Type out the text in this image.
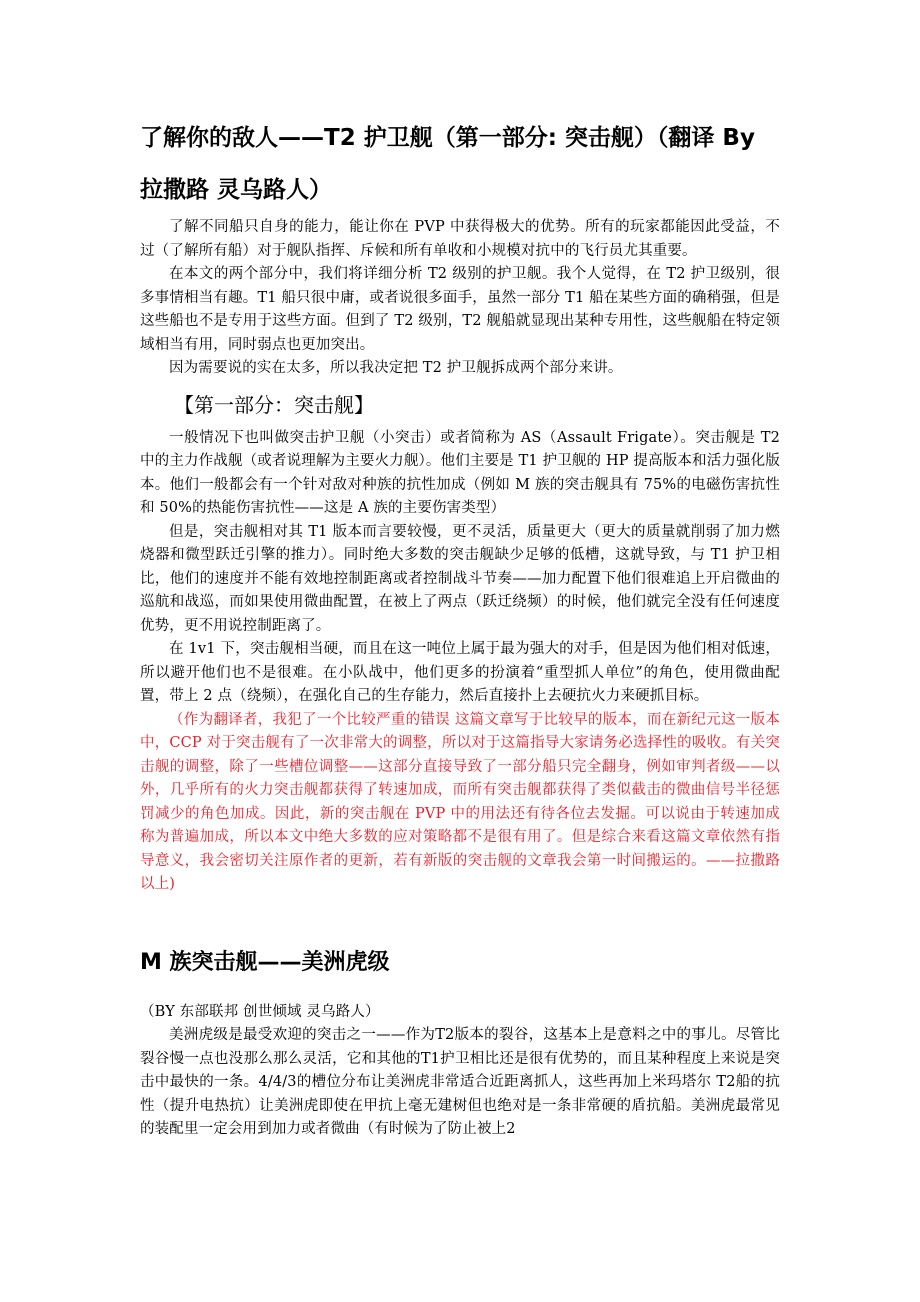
了解你的敌人——T2 护卫舰（第一部分: 突击舰）（翻译 By
拉撒路 灵乌路人）

了解不同船只自身的能力，能让你在 PVP 中获得极大的优势。所有的玩家都能因此受益，不过（了解所有船）对于舰队指挥、斥候和所有单收和小规模对抗中的飞行员尤其重要。

在本文的两个部分中，我们将详细分析 T2 级别的护卫舰。我个人觉得，在 T2 护卫级别，很多事情相当有趣。T1 船只很中庸，或者说很多面手，虽然一部分 T1 船在某些方面的确稍强，但是这些船也不是专用于这些方面。但到了 T2 级别，T2 舰船就显现出某种专用性，这些舰船在特定领域相当有用，同时弱点也更加突出。

因为需要说的实在太多，所以我决定把 T2 护卫舰拆成两个部分来讲。

【第一部分：突击舰】

一般情况下也叫做突击护卫舰（小突击）或者简称为 AS（Assault Frigate）。突击舰是 T2 中的主力作战舰（或者说理解为主要火力舰）。他们主要是 T1 护卫舰的 HP 提高版本和活力强化版本。他们一般都会有一个针对敌对种族的抗性加成（例如 M 族的突击舰具有 75%的电磁伤害抗性和 50%的热能伤害抗性——这是 A 族的主要伤害类型）

但是，突击舰相对其 T1 版本而言要较慢，更不灵活，质量更大（更大的质量就削弱了加力燃烧器和微型跃迁引擎的推力）。同时绝大多数的突击舰缺少足够的低槽，这就导致，与 T1 护卫相比，他们的速度并不能有效地控制距离或者控制战斗节奏——加力配置下他们很难追上开启微曲的巡航和战巡，而如果使用微曲配置，在被上了两点（跃迁绕频）的时候，他们就完全没有任何速度优势，更不用说控制距离了。

在 1v1 下，突击舰相当硬，而且在这一吨位上属于最为强大的对手，但是因为他们相对低速，所以避开他们也不是很难。在小队战中，他们更多的扮演着“重型抓人单位”的角色，使用微曲配置，带上 2 点（绕频），在强化自己的生存能力，然后直接扑上去硬抗火力来硬抓目标。

（作为翻译者，我犯了一个比较严重的错误 这篇文章写于比较早的版本，而在新纪元这一版本中，CCP 对于突击舰有了一次非常大的调整，所以对于这篇指导大家请务必选择性的吸收。有关突击舰的调整，除了一些槽位调整——这部分直接导致了一部分船只完全翻身，例如审判者级——以外，几乎所有的火力突击舰都获得了转速加成，而所有突击舰都获得了类似截击的微曲信号半径惩罚减少的角色加成。因此，新的突击舰在 PVP 中的用法还有待各位去发掘。可以说由于转速加成称为普遍加成，所以本文中绝大多数的应对策略都不是很有用了。但是综合来看这篇文章依然有指导意义，我会密切关注原作者的更新，若有新版的突击舰的文章我会第一时间搬运的。——拉撒路 以上)

M 族突击舰——美洲虎级

（BY 东部联邦 创世倾域 灵乌路人）

美洲虎级是最受欢迎的突击之一——作为T2版本的裂谷，这基本上是意料之中的事儿。尽管比裂谷慢一点也没那么那么灵活，它和其他的T1护卫相比还是很有优势的，而且某种程度上来说是突击中最快的一条。4/4/3的槽位分布让美洲虎非常适合近距离抓人，这些再加上米玛塔尔 T2船的抗性（提升电热抗）让美洲虎即使在甲抗上毫无建树但也绝对是一条非常硬的盾抗船。美洲虎最常见的装配里一定会用到加力或者微曲（有时候为了防止被上2
